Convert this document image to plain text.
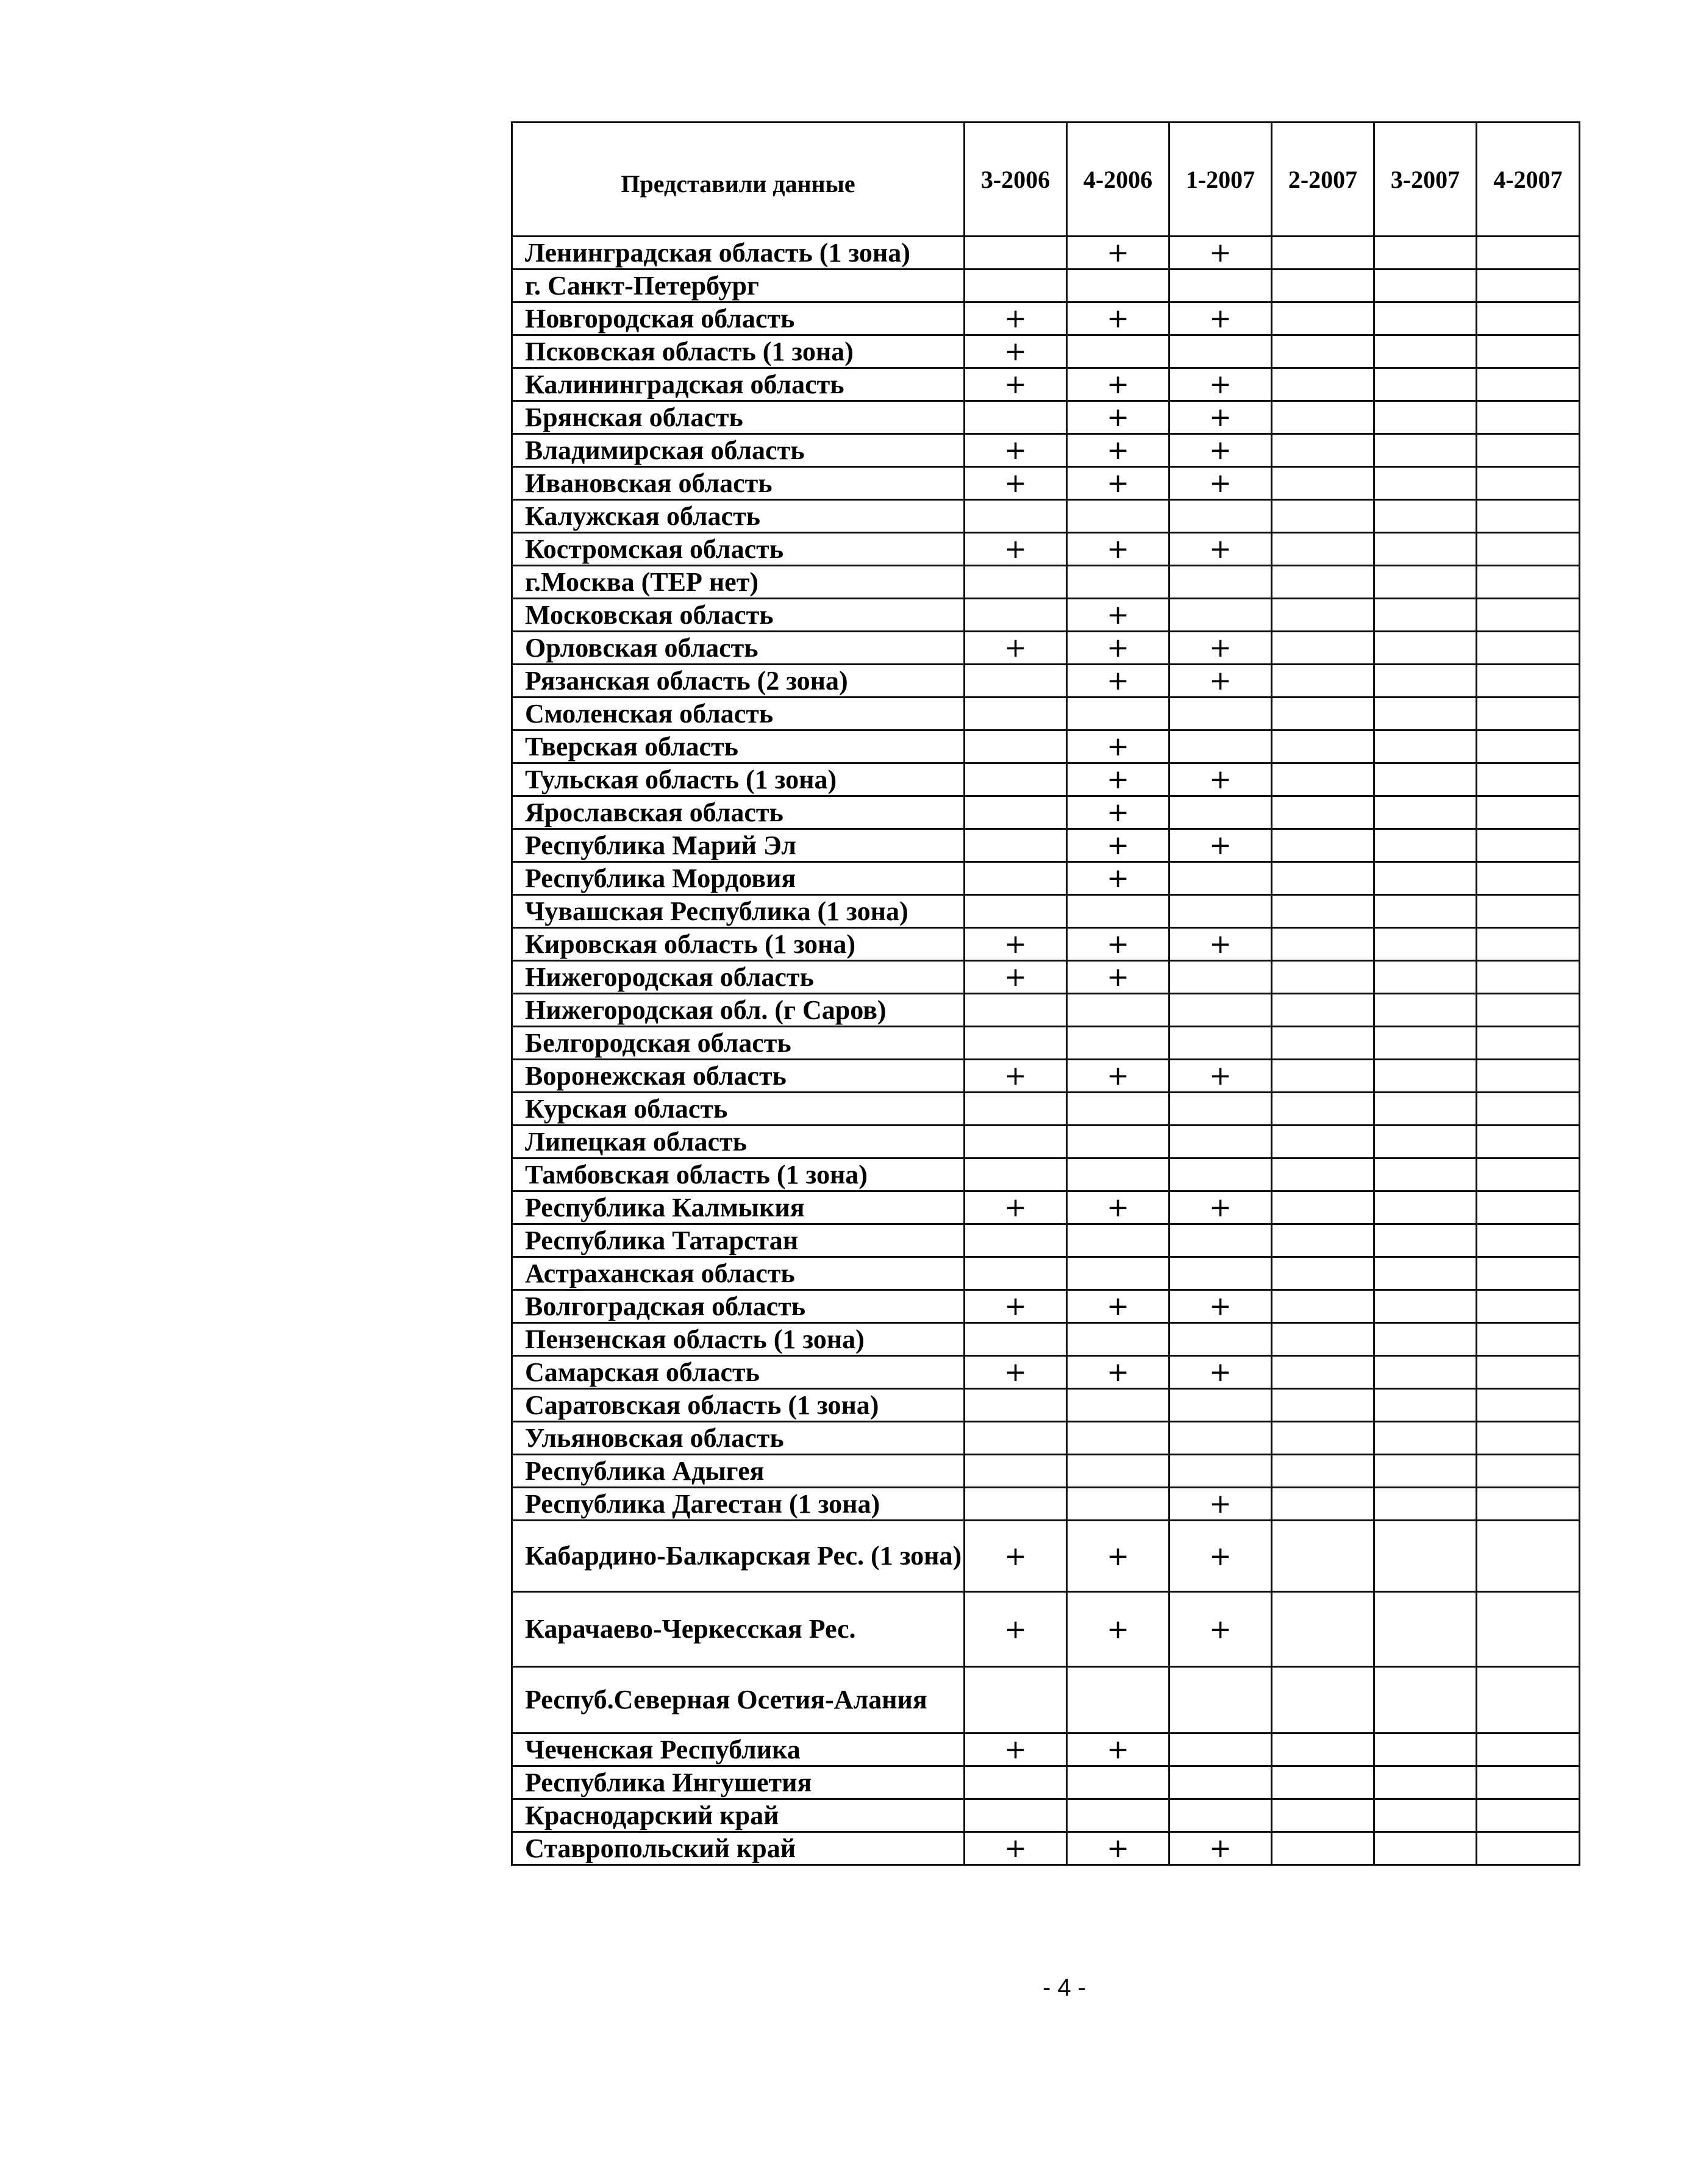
Представили данные	3-2006	4-2006	1-2007	2-2007	3-2007	4-2007
Ленинградская область (1 зона)		+	+			
г. Санкт-Петербург						
Новгородская область	+	+	+			
Псковская область (1 зона)	+					
Калининградская область	+	+	+			
Брянская область		+	+			
Владимирская область	+	+	+			
Ивановская область	+	+	+			
Калужская область						
Костромская область	+	+	+			
г.Москва (ТЕР нет)						
Московская область		+				
Орловская область	+	+	+			
Рязанская область (2 зона)		+	+			
Смоленская область						
Тверская область		+				
Тульская область (1 зона)		+	+			
Ярославская область		+				
Республика Марий Эл		+	+			
Республика Мордовия		+				
Чувашская Республика (1 зона)						
Кировская область (1 зона)	+	+	+			
Нижегородская область	+	+				
Нижегородская обл. (г Саров)						
Белгородская область						
Воронежская область	+	+	+			
Курская область						
Липецкая область						
Тамбовская область (1 зона)						
Республика Калмыкия	+	+	+			
Республика Татарстан						
Астраханская область						
Волгоградская область	+	+	+			
Пензенская область (1 зона)						
Самарская область	+	+	+			
Саратовская область (1 зона)						
Ульяновская область						
Республика Адыгея						
Республика Дагестан (1 зона)			+			
Кабардино-Балкарская Рес. (1 зона)	+	+	+			
Карачаево-Черкесская Рес.	+	+	+			
Респуб.Северная Осетия-Алания						
Чеченская Республика	+	+				
Республика Ингушетия						
Краснодарский край						
Ставропольский край	+	+	+			
- 4 -
